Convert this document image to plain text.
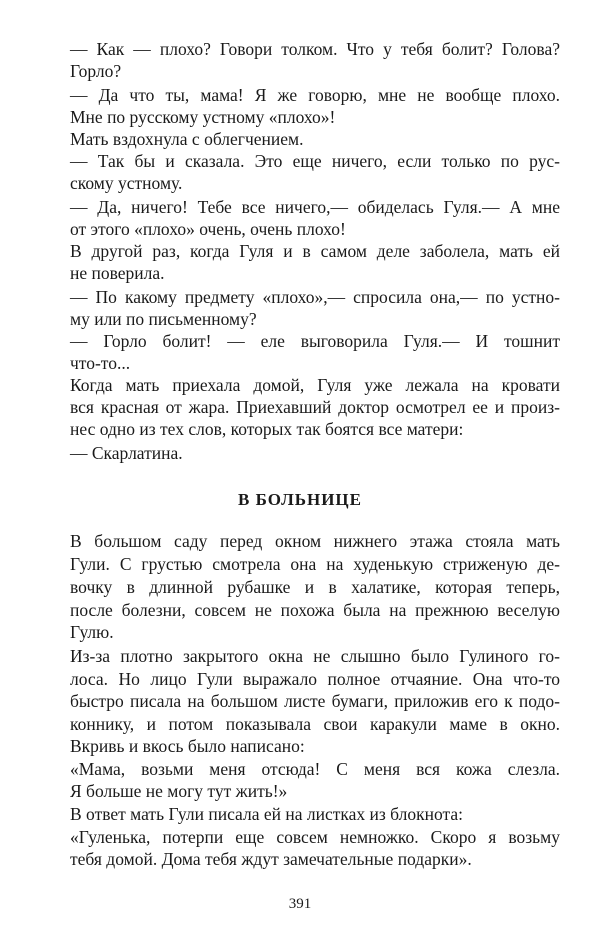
— Как — плохо? Говори толком. Что у тебя болит? Голова?
Горло?
— Да что ты, мама! Я же говорю, мне не вообще плохо.
Мне по русскому устному «плохо»!
Мать вздохнула с облегчением.
— Так бы и сказала. Это еще ничего, если только по рус-
скому устному.
— Да, ничего! Тебе все ничего,— обиделась Гуля.— А мне
от этого «плохо» очень, очень плохо!
В другой раз, когда Гуля и в самом деле заболела, мать ей
не поверила.
— По какому предмету «плохо»,— спросила она,— по устно-
му или по письменному?
— Горло болит! — еле выговорила Гуля.— И тошнит
что-то...
Когда мать приехала домой, Гуля уже лежала на кровати
вся красная от жара. Приехавший доктор осмотрел ее и произ-
нес одно из тех слов, которых так боятся все матери:
— Скарлатина.
В БОЛЬНИЦЕ
В большом саду перед окном нижнего этажа стояла мать
Гули. С грустью смотрела она на худенькую стриженую де-
вочку в длинной рубашке и в халатике, которая теперь,
после болезни, совсем не похожа была на прежнюю веселую
Гулю.
Из-за плотно закрытого окна не слышно было Гулиного го-
лоса. Но лицо Гули выражало полное отчаяние. Она что-то
быстро писала на большом листе бумаги, приложив его к подо-
коннику, и потом показывала свои каракули маме в окно.
Вкривь и вкось было написано:
«Мама, возьми меня отсюда! С меня вся кожа слезла.
Я больше не могу тут жить!»
В ответ мать Гули писала ей на листках из блокнота:
«Гуленька, потерпи еще совсем немножко. Скоро я возьму
тебя домой. Дома тебя ждут замечательные подарки».
391
